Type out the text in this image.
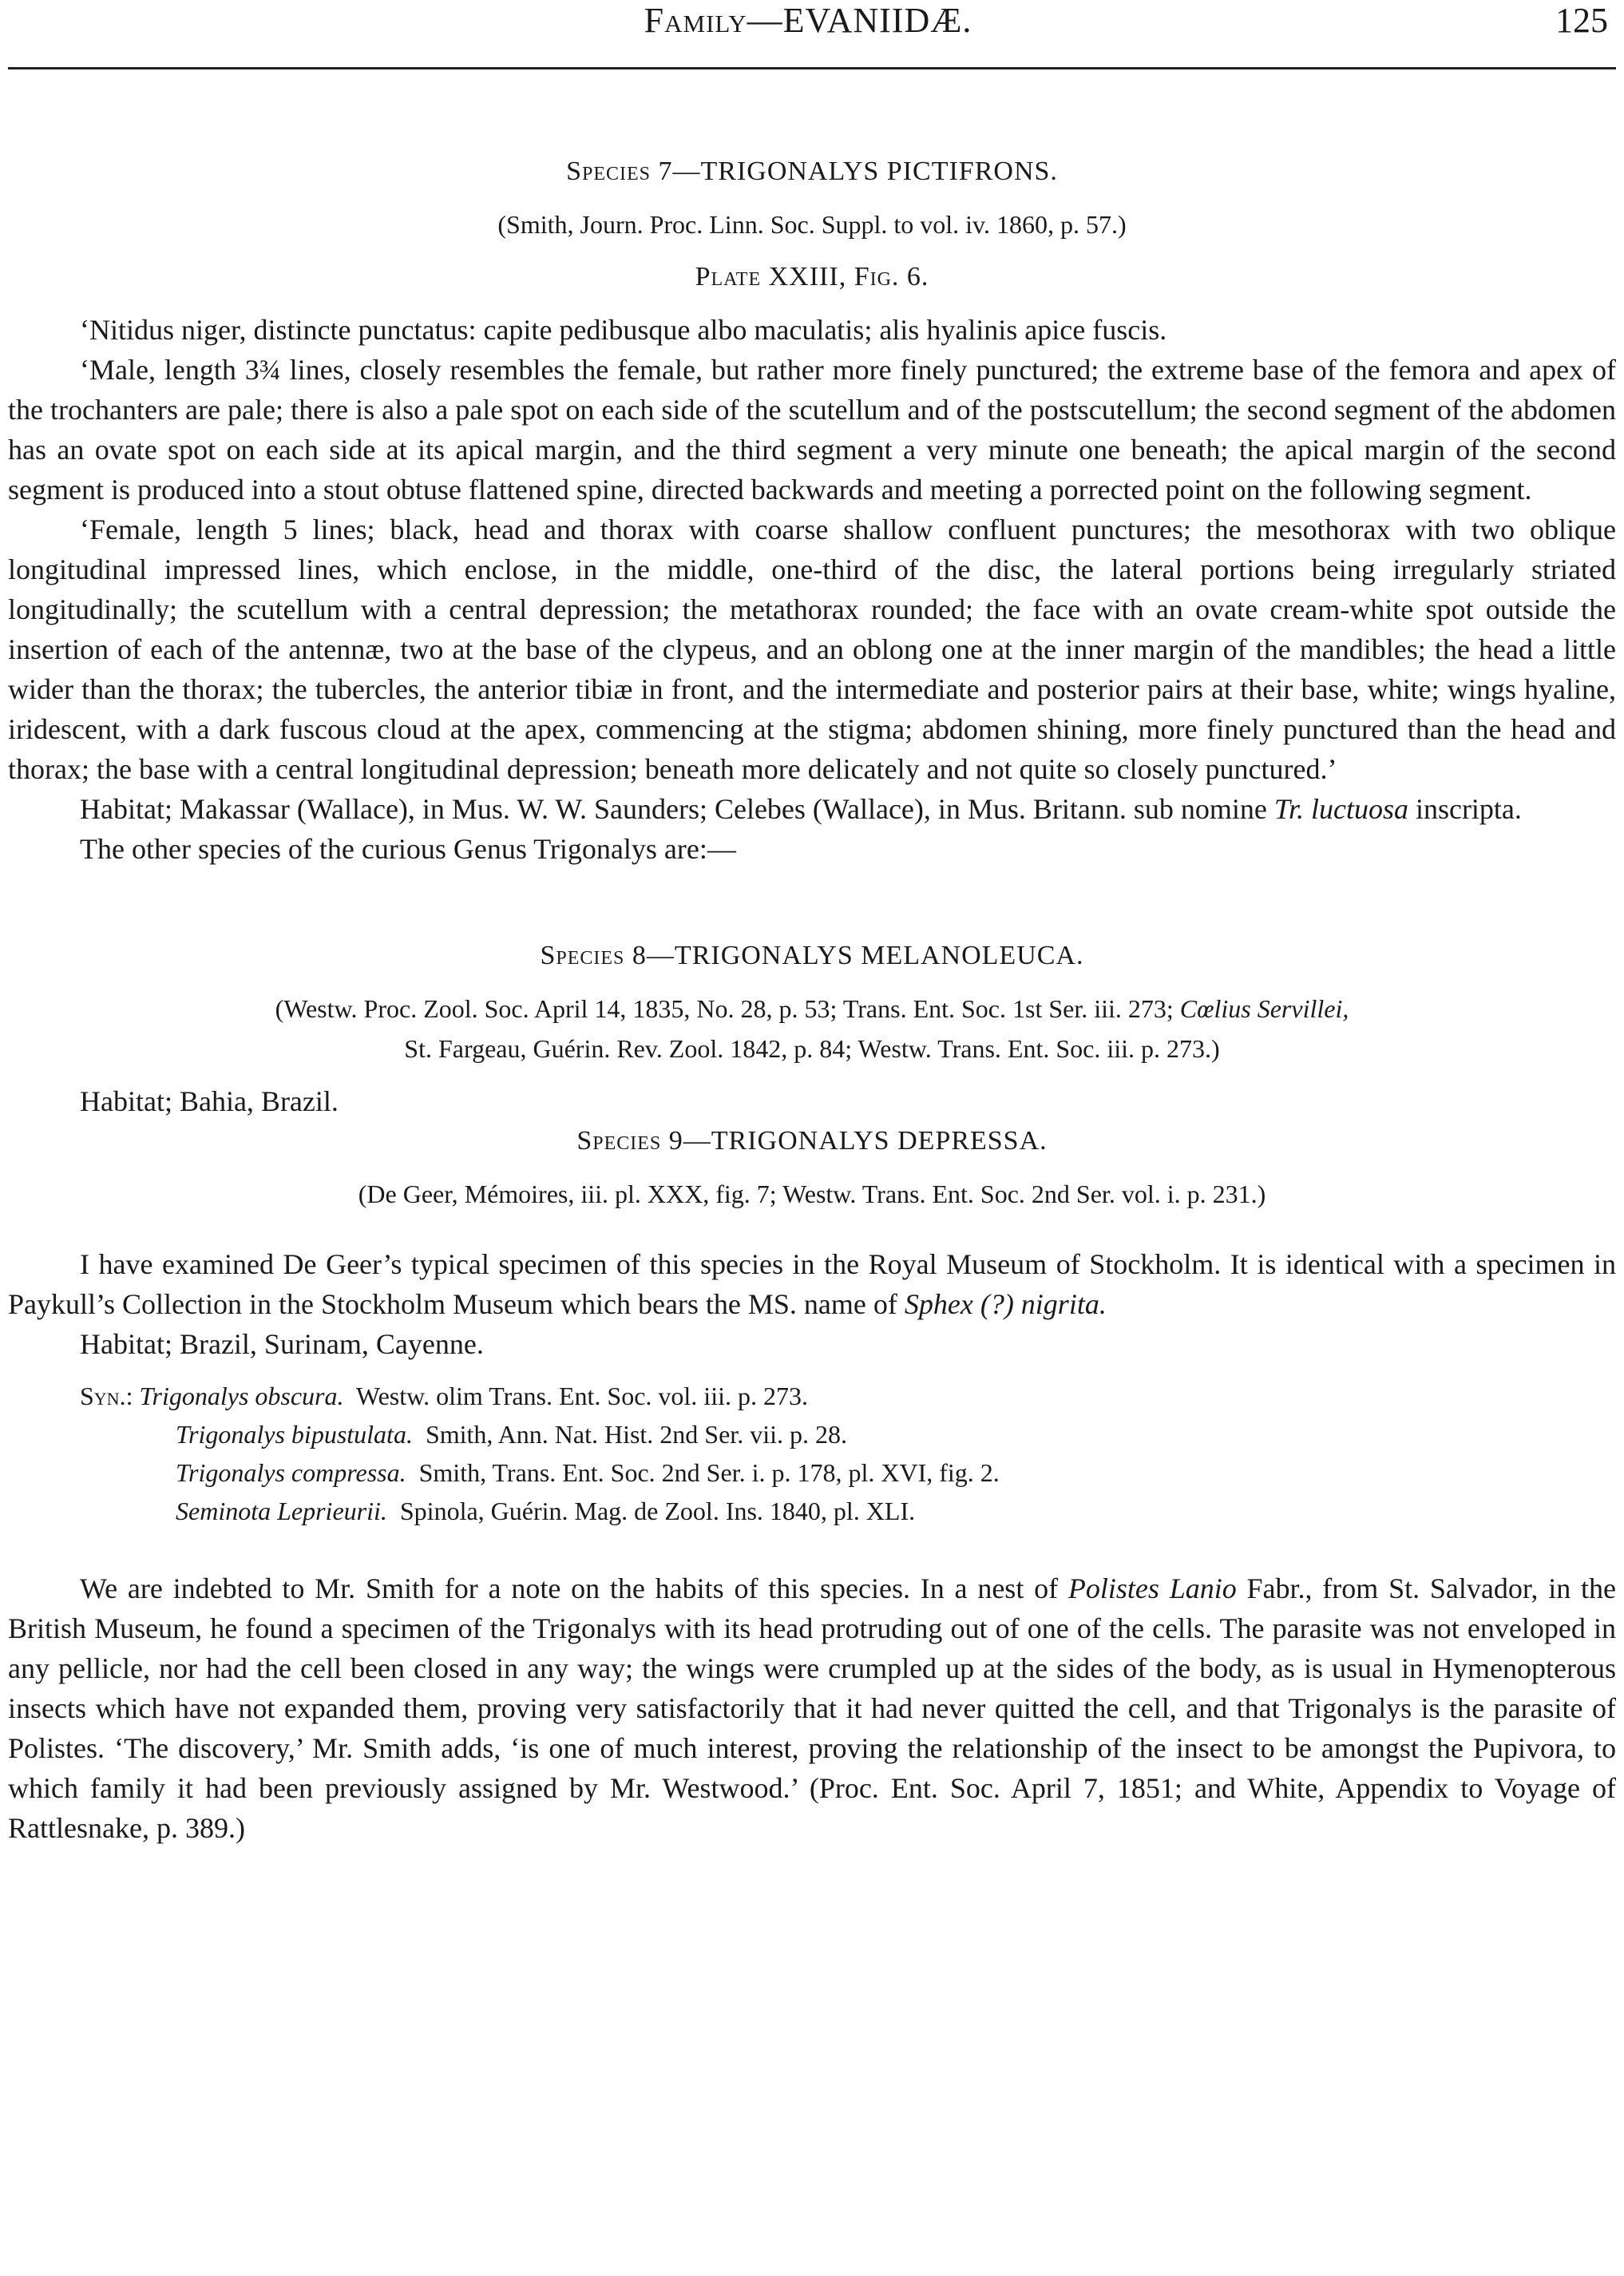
Family—EVANIIDÆ.	125

Species 7—TRIGONALYS PICTIFRONS.

(Smith, Journ. Proc. Linn. Soc. Suppl. to vol. iv. 1860, p. 57.)

Plate XXIII, Fig. 6.

‘Nitidus niger, distincte punctatus: capite pedibusque albo maculatis; alis hyalinis apice fuscis.

‘Male, length 3¾ lines, closely resembles the female, but rather more finely punctured; the extreme base of the femora and apex of the trochanters are pale; there is also a pale spot on each side of the scutellum and of the postscutellum; the second segment of the abdomen has an ovate spot on each side at its apical margin, and the third segment a very minute one beneath; the apical margin of the second segment is produced into a stout obtuse flattened spine, directed backwards and meeting a porrected point on the following segment.

‘Female, length 5 lines; black, head and thorax with coarse shallow confluent punctures; the mesothorax with two oblique longitudinal impressed lines, which enclose, in the middle, one-third of the disc, the lateral portions being irregularly striated longitudinally; the scutellum with a central depression; the metathorax rounded; the face with an ovate cream-white spot outside the insertion of each of the antennæ, two at the base of the clypeus, and an oblong one at the inner margin of the mandibles; the head a little wider than the thorax; the tubercles, the anterior tibiæ in front, and the intermediate and posterior pairs at their base, white; wings hyaline, iridescent, with a dark fuscous cloud at the apex, commencing at the stigma; abdomen shining, more finely punctured than the head and thorax; the base with a central longitudinal depression; beneath more delicately and not quite so closely punctured.’

Habitat; Makassar (Wallace), in Mus. W. W. Saunders; Celebes (Wallace), in Mus. Britann. sub nomine Tr. luctuosa inscripta.

The other species of the curious Genus Trigonalys are:—

Species 8—TRIGONALYS MELANOLEUCA.

(Westw. Proc. Zool. Soc. April 14, 1835, No. 28, p. 53; Trans. Ent. Soc. 1st Ser. iii. 273; Cœlius Servillei,
St. Fargeau, Guérin. Rev. Zool. 1842, p. 84; Westw. Trans. Ent. Soc. iii. p. 273.)

Habitat; Bahia, Brazil.

Species 9—TRIGONALYS DEPRESSA.

(De Geer, Mémoires, iii. pl. XXX, fig. 7; Westw. Trans. Ent. Soc. 2nd Ser. vol. i. p. 231.)

I have examined De Geer’s typical specimen of this species in the Royal Museum of Stockholm. It is identical with a specimen in Paykull’s Collection in the Stockholm Museum which bears the MS. name of Sphex (?) nigrita.

Habitat; Brazil, Surinam, Cayenne.

Syn.: Trigonalys obscura. Westw. olim Trans. Ent. Soc. vol. iii. p. 273.
Trigonalys bipustulata. Smith, Ann. Nat. Hist. 2nd Ser. vii. p. 28.
Trigonalys compressa. Smith, Trans. Ent. Soc. 2nd Ser. i. p. 178, pl. XVI, fig. 2.
Seminota Leprieurii. Spinola, Guérin. Mag. de Zool. Ins. 1840, pl. XLI.

We are indebted to Mr. Smith for a note on the habits of this species. In a nest of Polistes Lanio Fabr., from St. Salvador, in the British Museum, he found a specimen of the Trigonalys with its head protruding out of one of the cells. The parasite was not enveloped in any pellicle, nor had the cell been closed in any way; the wings were crumpled up at the sides of the body, as is usual in Hymenopterous insects which have not expanded them, proving very satisfactorily that it had never quitted the cell, and that Trigonalys is the parasite of Polistes. ‘The discovery,’ Mr. Smith adds, ‘is one of much interest, proving the relationship of the insect to be amongst the Pupivora, to which family it had been previously assigned by Mr. Westwood.’ (Proc. Ent. Soc. April 7, 1851; and White, Appendix to Voyage of Rattlesnake, p. 389.)
